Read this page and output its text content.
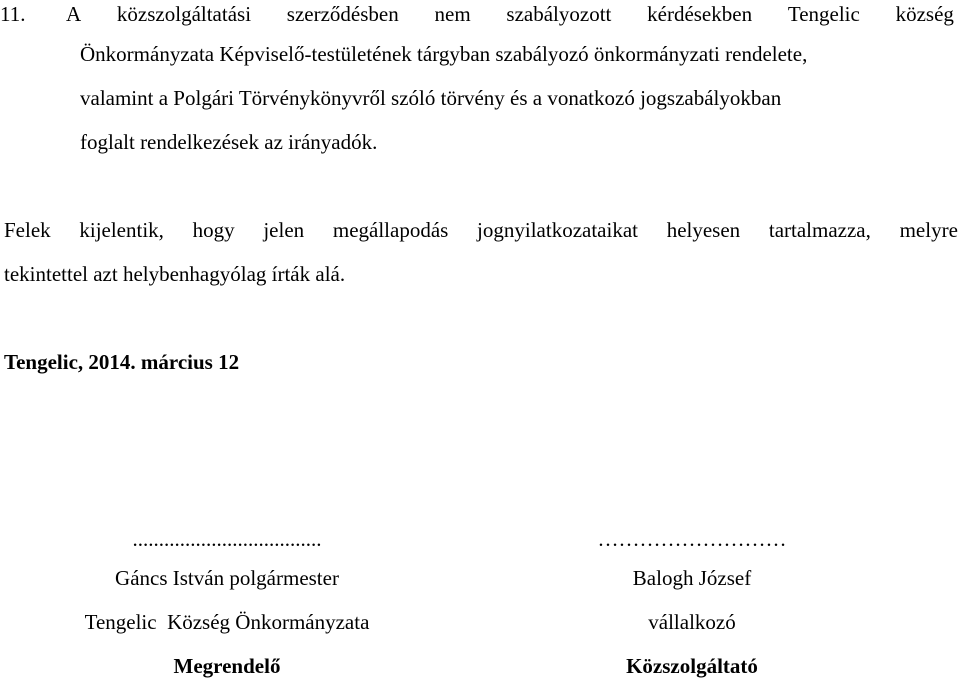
11. A közszolgáltatási szerződésben nem szabályozott kérdésekben Tengelic község
Önkormányzata Képviselő-testületének tárgyban szabályozó önkormányzati rendelete,
valamint a Polgári Törvénykönyvről szóló törvény és a vonatkozó jogszabályokban
foglalt rendelkezések az irányadók.
Felek kijelentik, hogy jelen megállapodás jognyilatkozataikat helyesen tartalmazza, melyre
tekintettel azt helybenhagyólag írták alá.
Tengelic, 2014. március 12
....................................
Gáncs István polgármester
Tengelic  Község Önkormányzata
Megrendelő
………………………
Balogh József
vállalkozó
Közszolgáltató
